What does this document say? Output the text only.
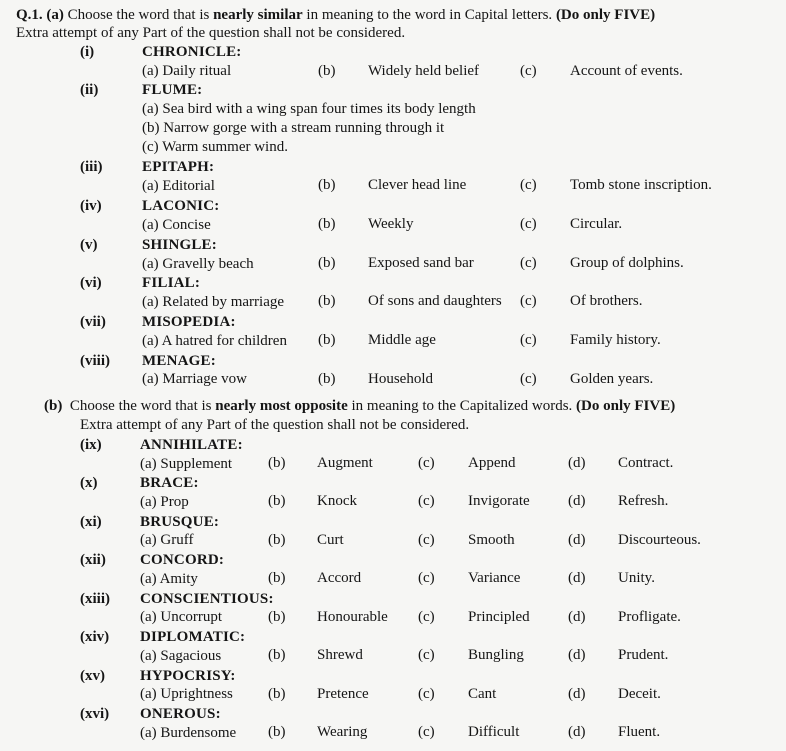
Q.1. (a) Choose the word that is nearly similar in meaning to the word in Capital letters. (Do only FIVE)
Extra attempt of any Part of the question shall not be considered.
(i)	CHRONICLE:
(a) Daily ritual	(b) Widely held belief	(c) Account of events.
(ii)	FLUME:
(a) Sea bird with a wing span four times its body length
(b) Narrow gorge with a stream running through it
(c) Warm summer wind.
(iii)	EPITAPH:
(a) Editorial	(b) Clever head line	(c) Tomb stone inscription.
(iv)	LACONIC:
(a) Concise	(b) Weekly	(c) Circular.
(v)	SHINGLE:
(a) Gravelly beach	(b) Exposed sand bar	(c) Group of dolphins.
(vi)	FILIAL:
(a) Related by marriage (b) Of sons and daughters (c) Of brothers.
(vii) MISOPEDIA:
(a) A hatred for children (b) Middle age	(c) Family history.
(viii) MENAGE:
(a) Marriage vow	(b) Household	(c) Golden years.
(b) Choose the word that is nearly most opposite in meaning to the Capitalized words. (Do only FIVE)
Extra attempt of any Part of the question shall not be considered.
(ix)	ANNIHILATE:
(a) Supplement (b) Augment	(c) Append	(d) Contract.
(x)	BRACE:
(a) Prop	(b) Knock	(c) Invigorate	(d) Refresh.
(xi)	BRUSQUE:
(a) Gruff	(b) Curt	(c) Smooth	(d) Discourteous.
(xii) CONCORD:
(a) Amity	(b) Accord	(c) Variance	(d) Unity.
(xiii) CONSCIENTIOUS:
(a) Uncorrupt	(b) Honourable (c) Principled	(d) Profligate.
(xiv) DIPLOMATIC:
(a) Sagacious	(b) Shrewd	(c) Bungling	(d) Prudent.
(xv) HYPOCRISY:
(a) Uprightness (b) Pretence	(c) Cant	(d) Deceit.
(xvi) ONEROUS:
(a) Burdensome (b) Wearing	(c) Difficult	(d) Fluent.
